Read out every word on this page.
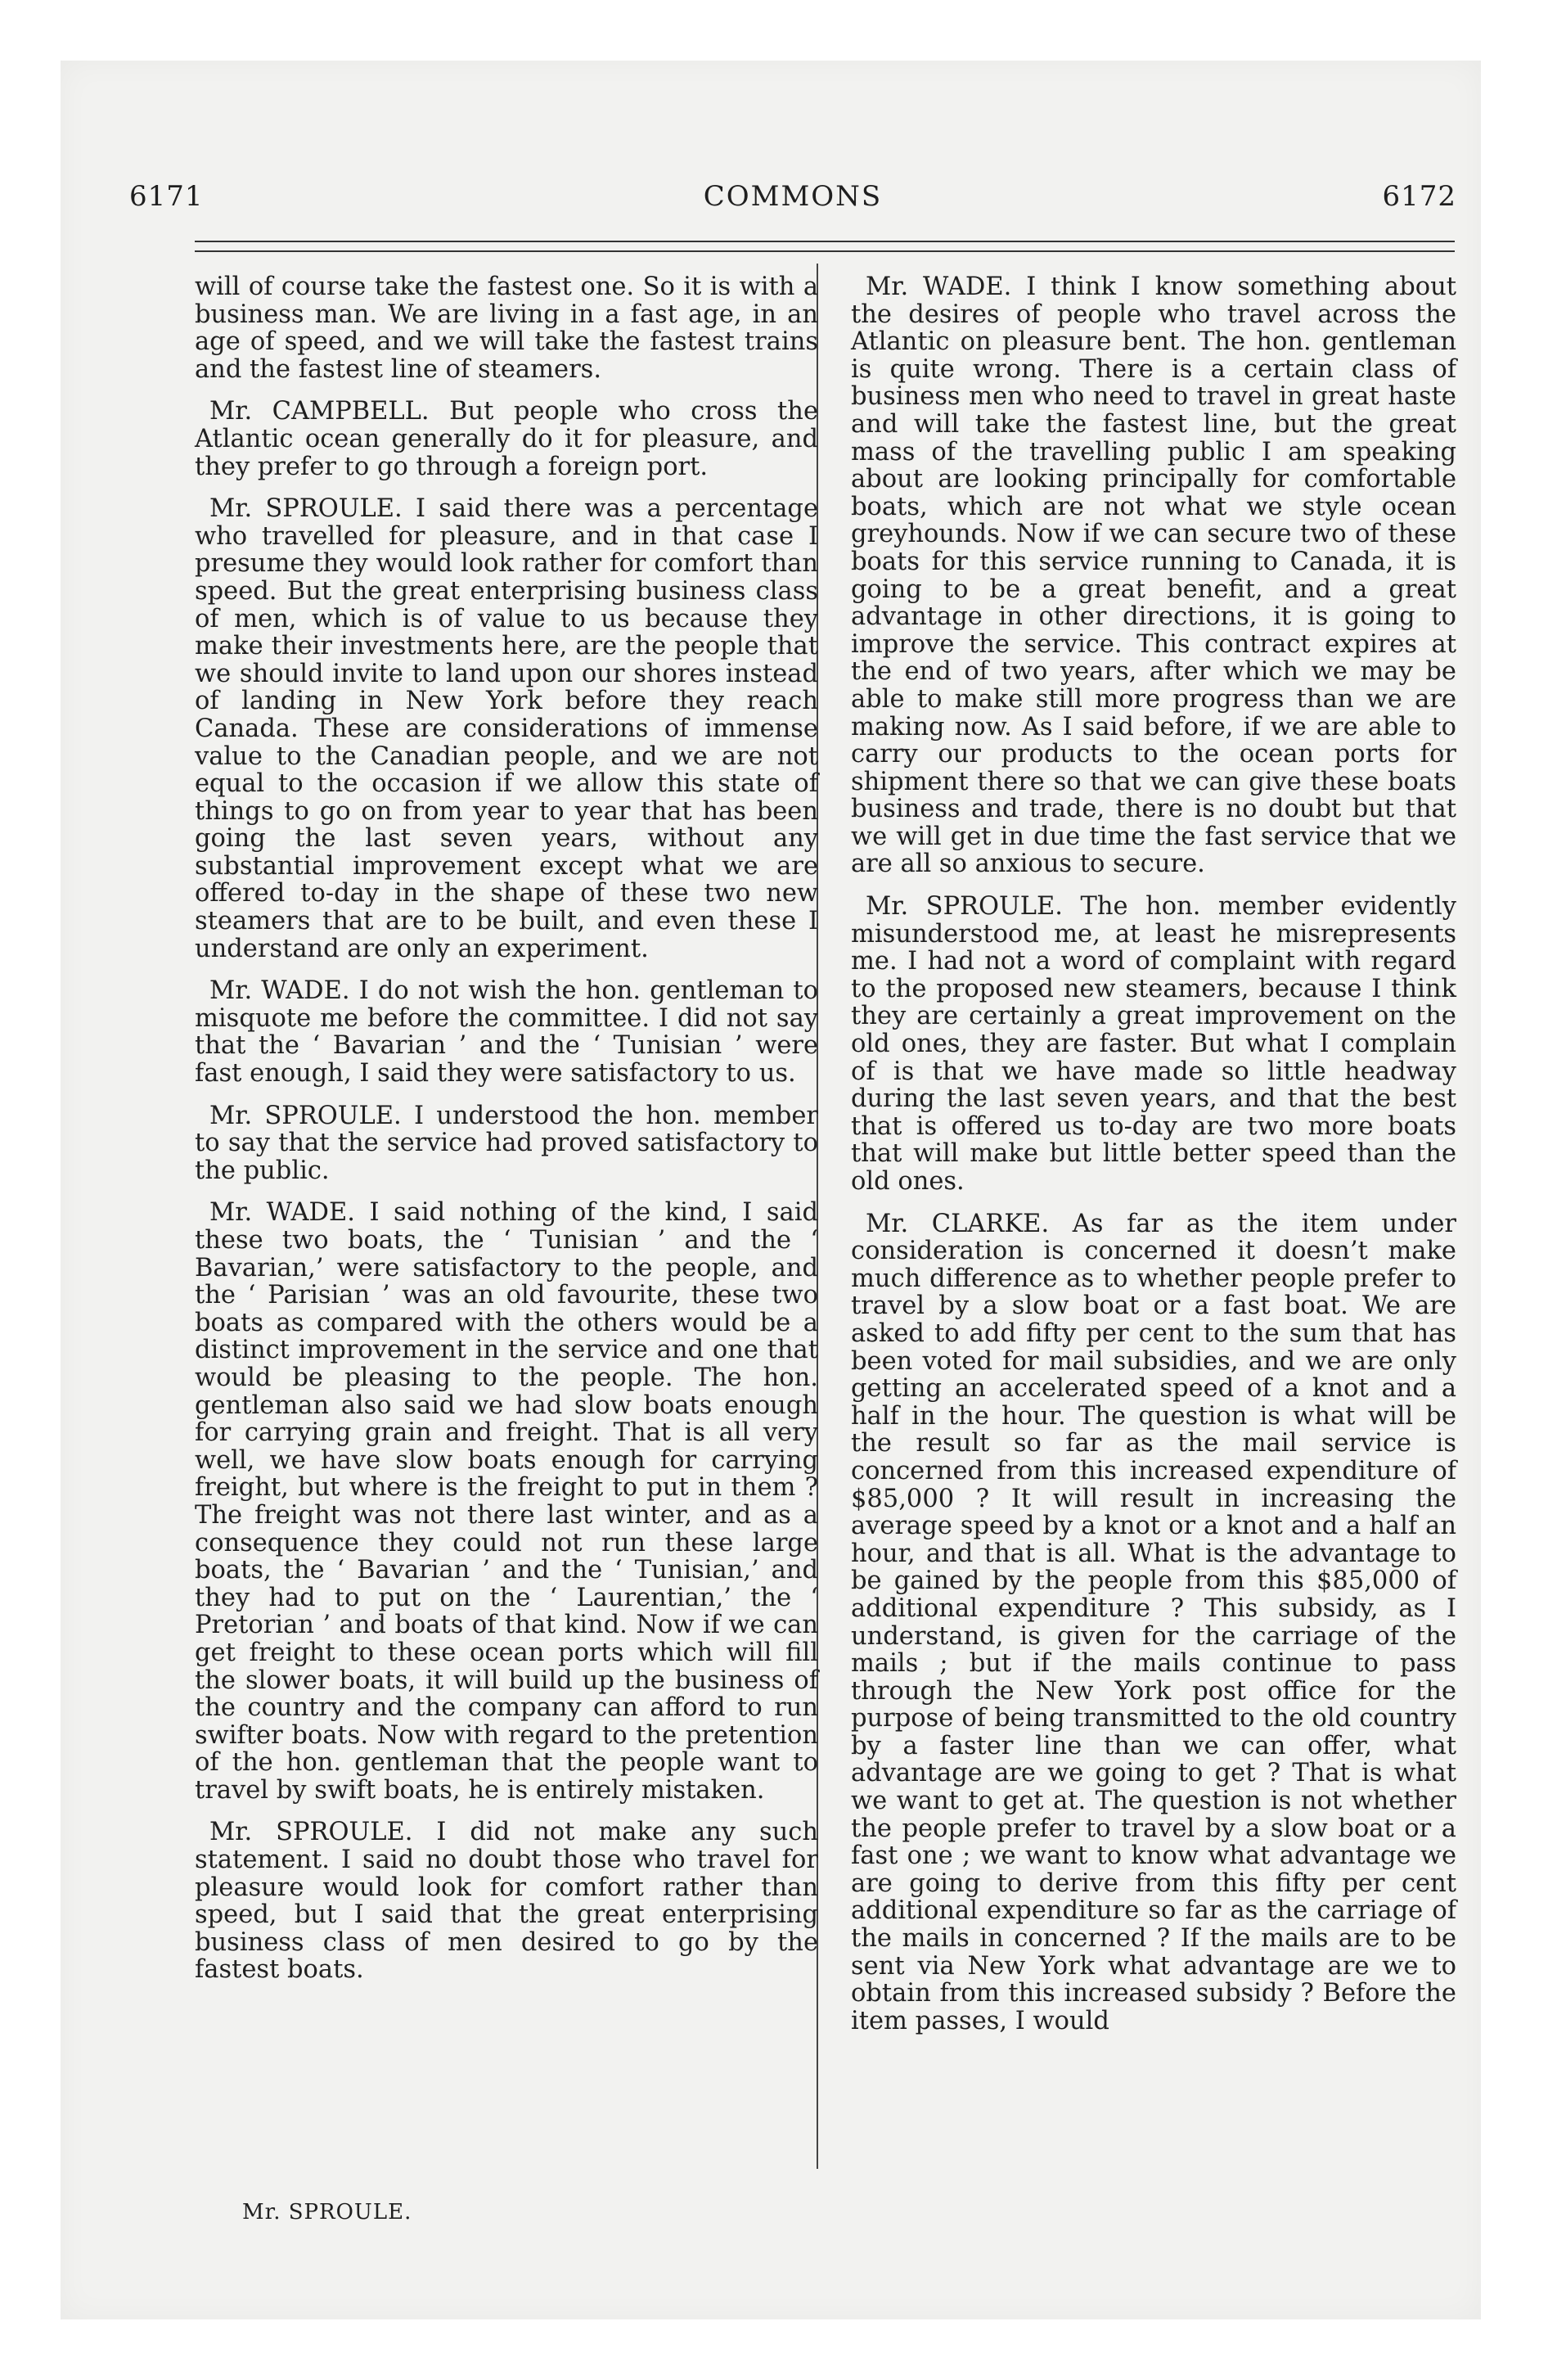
6171	COMMONS	6172

will of course take the fastest one. So it is with a business man. We are living in a fast age, in an age of speed, and we will take the fastest trains and the fastest line of steamers.

Mr. CAMPBELL. But people who cross the Atlantic ocean generally do it for pleasure, and they prefer to go through a foreign port.

Mr. SPROULE. I said there was a percentage who travelled for pleasure, and in that case I presume they would look rather for comfort than speed. But the great enterprising business class of men, which is of value to us because they make their investments here, are the people that we should invite to land upon our shores instead of landing in New York before they reach Canada. These are considerations of immense value to the Canadian people, and we are not equal to the occasion if we allow this state of things to go on from year to year that has been going the last seven years, without any substantial improvement except what we are offered to-day in the shape of these two new steamers that are to be built, and even these I understand are only an experiment.

Mr. WADE. I do not wish the hon. gentleman to misquote me before the committee. I did not say that the ‘ Bavarian ’ and the ‘ Tunisian ’ were fast enough, I said they were satisfactory to us.

Mr. SPROULE. I understood the hon. member to say that the service had proved satisfactory to the public.

Mr. WADE. I said nothing of the kind, I said these two boats, the ‘ Tunisian ’ and the ‘ Bavarian,’ were satisfactory to the people, and the ‘ Parisian ’ was an old favourite, these two boats as compared with the others would be a distinct improvement in the service and one that would be pleasing to the people. The hon. gentleman also said we had slow boats enough for carrying grain and freight. That is all very well, we have slow boats enough for carrying freight, but where is the freight to put in them ? The freight was not there last winter, and as a consequence they could not run these large boats, the ‘ Bavarian ’ and the ‘ Tunisian,’ and they had to put on the ‘ Laurentian,’ the ‘ Pretorian ’ and boats of that kind. Now if we can get freight to these ocean ports which will fill the slower boats, it will build up the business of the country and the company can afford to run swifter boats. Now with regard to the pretention of the hon. gentleman that the people want to travel by swift boats, he is entirely mistaken.

Mr. SPROULE. I did not make any such statement. I said no doubt those who travel for pleasure would look for comfort rather than speed, but I said that the great enterprising business class of men desired to go by the fastest boats.

Mr. WADE. I think I know something about the desires of people who travel across the Atlantic on pleasure bent. The hon. gentleman is quite wrong. There is a certain class of business men who need to travel in great haste and will take the fastest line, but the great mass of the travelling public I am speaking about are looking principally for comfortable boats, which are not what we style ocean greyhounds. Now if we can secure two of these boats for this service running to Canada, it is going to be a great benefit, and a great advantage in other directions, it is going to improve the service. This contract expires at the end of two years, after which we may be able to make still more progress than we are making now. As I said before, if we are able to carry our products to the ocean ports for shipment there so that we can give these boats business and trade, there is no doubt but that we will get in due time the fast service that we are all so anxious to secure.

Mr. SPROULE. The hon. member evidently misunderstood me, at least he misrepresents me. I had not a word of complaint with regard to the proposed new steamers, because I think they are certainly a great improvement on the old ones, they are faster. But what I complain of is that we have made so little headway during the last seven years, and that the best that is offered us to-day are two more boats that will make but little better speed than the old ones.

Mr. CLARKE. As far as the item under consideration is concerned it doesn’t make much difference as to whether people prefer to travel by a slow boat or a fast boat. We are asked to add fifty per cent to the sum that has been voted for mail subsidies, and we are only getting an accelerated speed of a knot and a half in the hour. The question is what will be the result so far as the mail service is concerned from this increased expenditure of $85,000 ? It will result in increasing the average speed by a knot or a knot and a half an hour, and that is all. What is the advantage to be gained by the people from this $85,000 of additional expenditure ? This subsidy, as I understand, is given for the carriage of the mails ; but if the mails continue to pass through the New York post office for the purpose of being transmitted to the old country by a faster line than we can offer, what advantage are we going to get ? That is what we want to get at. The question is not whether the people prefer to travel by a slow boat or a fast one ; we want to know what advantage we are going to derive from this fifty per cent additional expenditure so far as the carriage of the mails in concerned ? If the mails are to be sent via New York what advantage are we to obtain from this increased subsidy ? Before the item passes, I would

Mr. SPROULE.
